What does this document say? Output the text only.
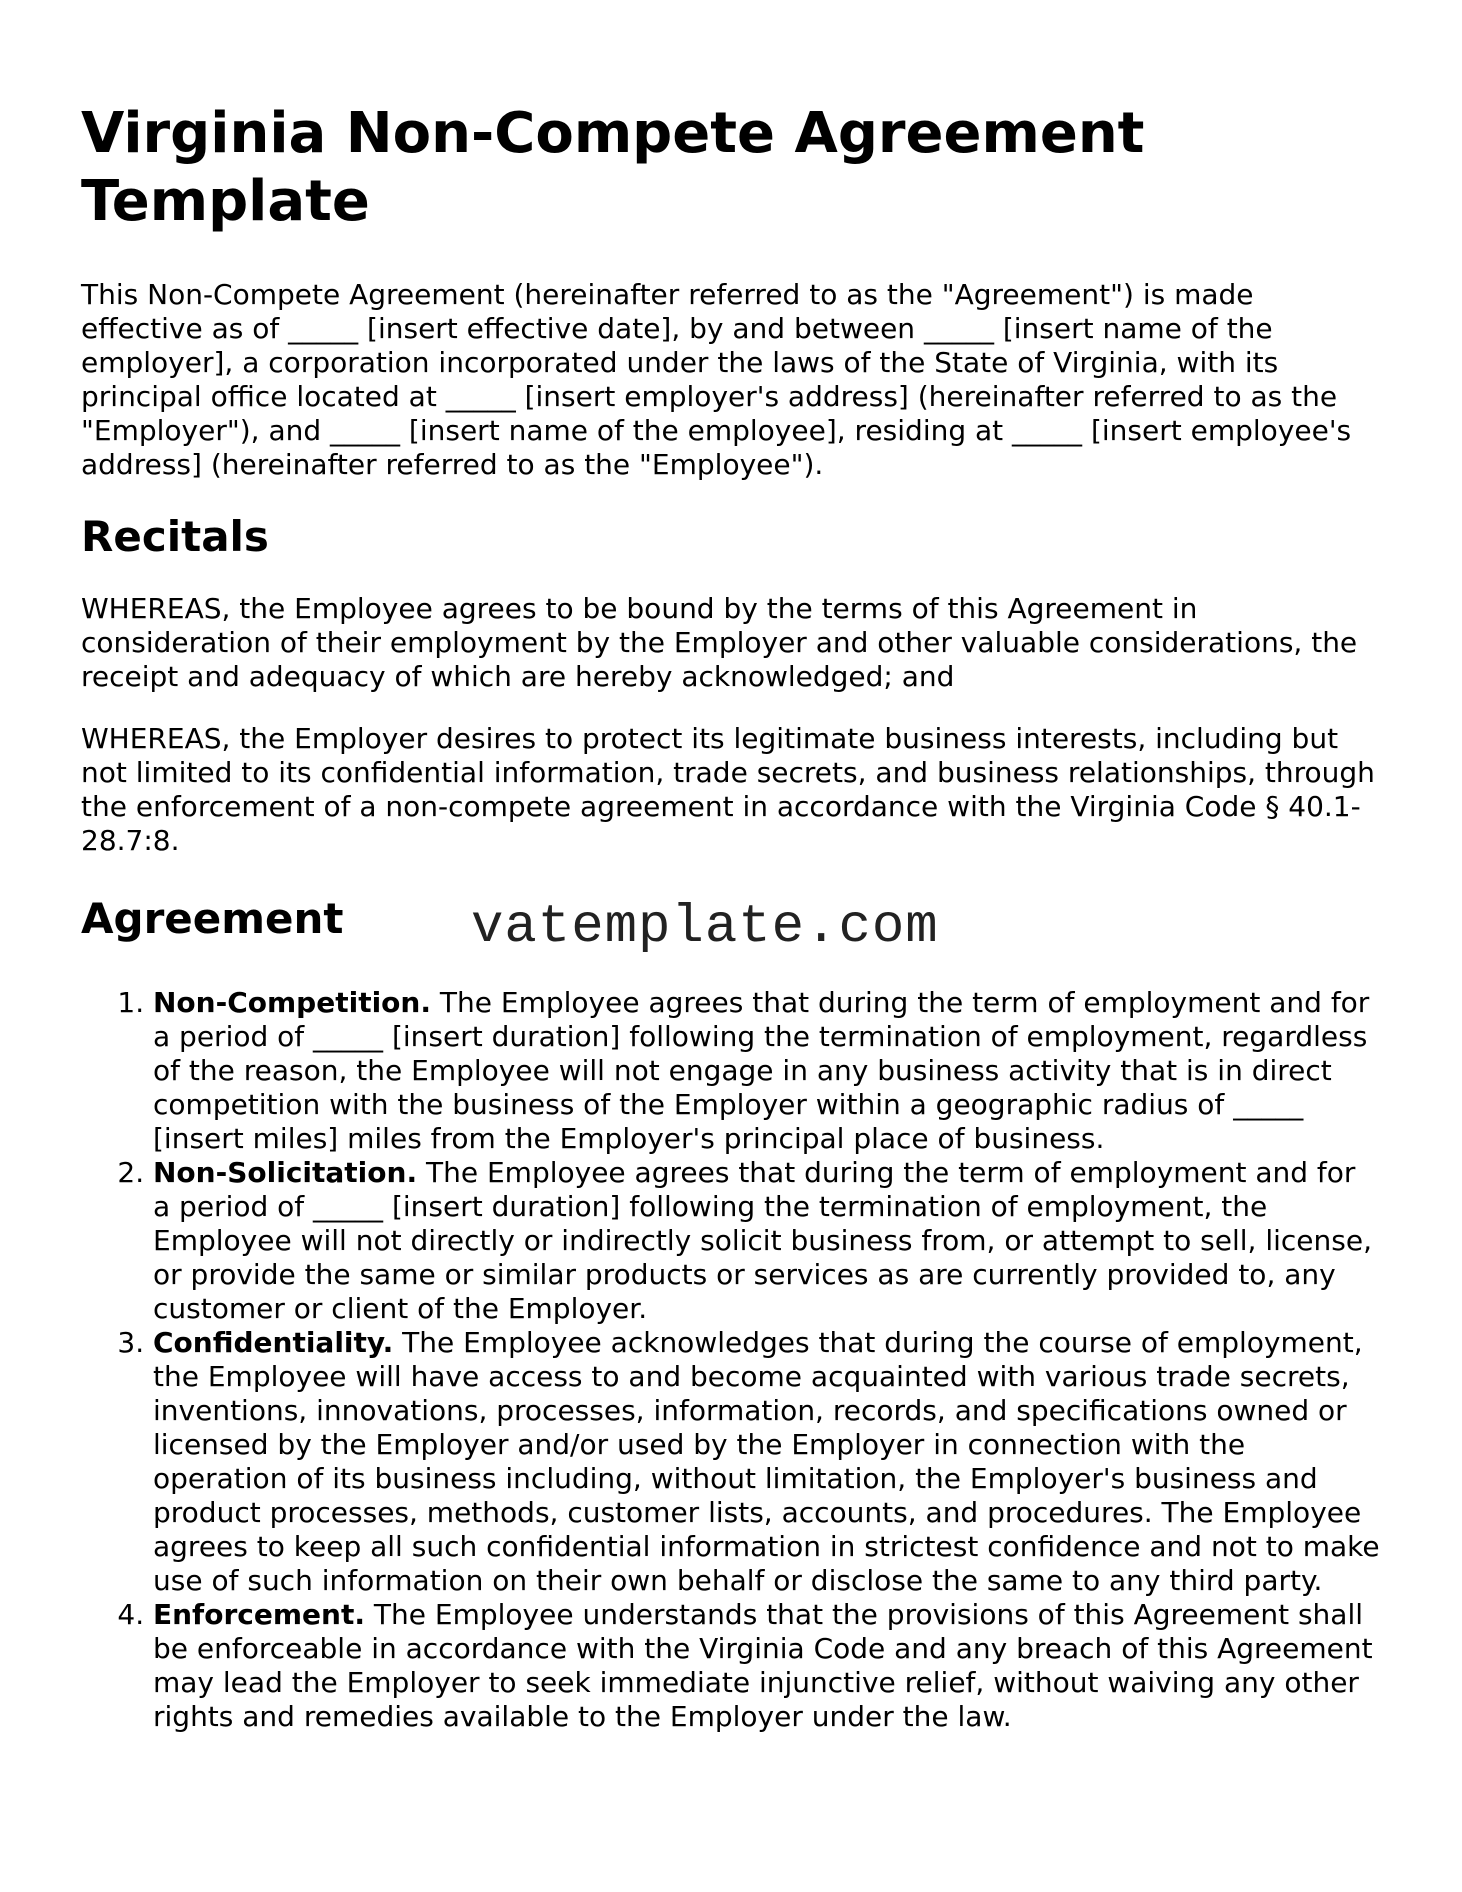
Virginia Non-Compete Agreement Template

This Non-Compete Agreement (hereinafter referred to as the "Agreement") is made effective as of _____ [insert effective date], by and between _____ [insert name of the employer], a corporation incorporated under the laws of the State of Virginia, with its principal office located at _____ [insert employer's address] (hereinafter referred to as the "Employer"), and _____ [insert name of the employee], residing at _____ [insert employee's address] (hereinafter referred to as the "Employee").

Recitals

WHEREAS, the Employee agrees to be bound by the terms of this Agreement in consideration of their employment by the Employer and other valuable considerations, the receipt and adequacy of which are hereby acknowledged; and

WHEREAS, the Employer desires to protect its legitimate business interests, including but not limited to its confidential information, trade secrets, and business relationships, through the enforcement of a non-compete agreement in accordance with the Virginia Code § 40.1-28.7:8.

Agreement vatemplate.com
1. Non-Competition. The Employee agrees that during the term of employment and for a period of _____ [insert duration] following the termination of employment, regardless of the reason, the Employee will not engage in any business activity that is in direct competition with the business of the Employer within a geographic radius of _____ [insert miles] miles from the Employer's principal place of business.
2. Non-Solicitation. The Employee agrees that during the term of employment and for a period of _____ [insert duration] following the termination of employment, the Employee will not directly or indirectly solicit business from, or attempt to sell, license, or provide the same or similar products or services as are currently provided to, any customer or client of the Employer.
3. Confidentiality. The Employee acknowledges that during the course of employment, the Employee will have access to and become acquainted with various trade secrets, inventions, innovations, processes, information, records, and specifications owned or licensed by the Employer and/or used by the Employer in connection with the operation of its business including, without limitation, the Employer's business and product processes, methods, customer lists, accounts, and procedures. The Employee agrees to keep all such confidential information in strictest confidence and not to make use of such information on their own behalf or disclose the same to any third party.
4. Enforcement. The Employee understands that the provisions of this Agreement shall be enforceable in accordance with the Virginia Code and any breach of this Agreement may lead the Employer to seek immediate injunctive relief, without waiving any other rights and remedies available to the Employer under the law.
